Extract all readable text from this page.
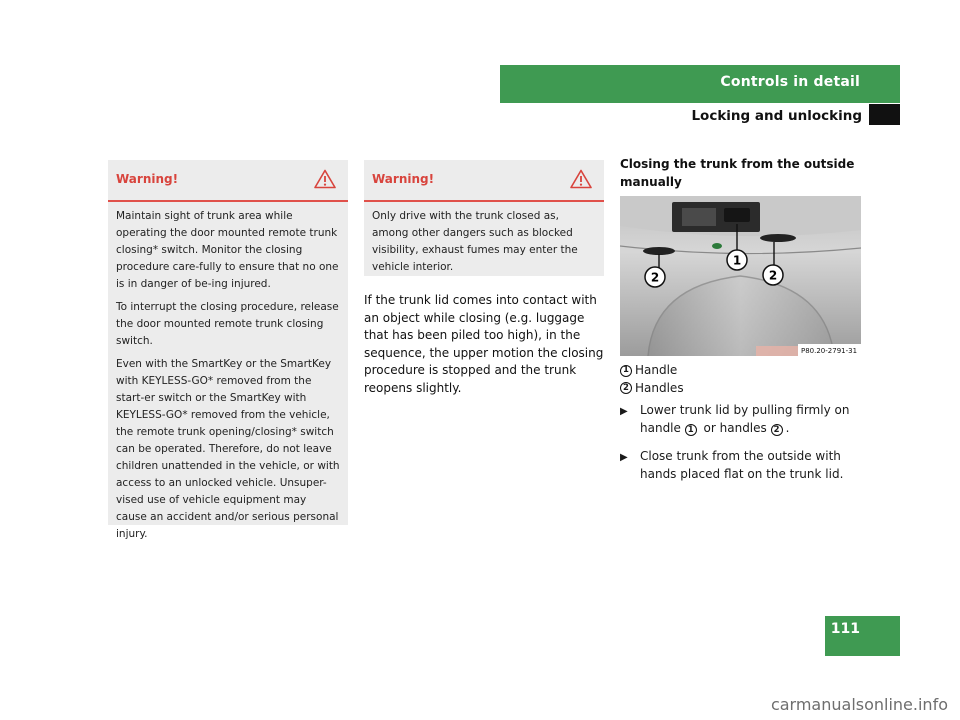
Controls in detail
Locking and unlocking
Warning!

Maintain sight of trunk area while operating the door mounted remote trunk closing* switch. Monitor the closing procedure care-fully to ensure that no one is in danger of be-ing injured.

To interrupt the closing procedure, release the door mounted remote trunk closing switch.

Even with the SmartKey or the SmartKey with KEYLESS-GO* removed from the start-er switch or the SmartKey with KEYLESS-GO* removed from the vehicle, the remote trunk opening/closing* switch can be operated. Therefore, do not leave children unattended in the vehicle, or with access to an unlocked vehicle. Unsuper-vised use of vehicle equipment may cause an accident and/or serious personal injury.

Warning!

Only drive with the trunk closed as, among other dangers such as blocked visibility, exhaust fumes may enter the vehicle interior.

If the trunk lid comes into contact with an object while closing (e.g. luggage that has been piled too high), in the sequence, the upper motion the closing procedure is stopped and the trunk reopens slightly.
Closing the trunk from the outside manually
2
1
2
P80.20-2791-31
1 Handle
2 Handles
▶	Lower trunk lid by pulling firmly on handle 1 or handles 2 .
▶	Close trunk from the outside with hands placed flat on the trunk lid.
111
carmanualsonline.info
